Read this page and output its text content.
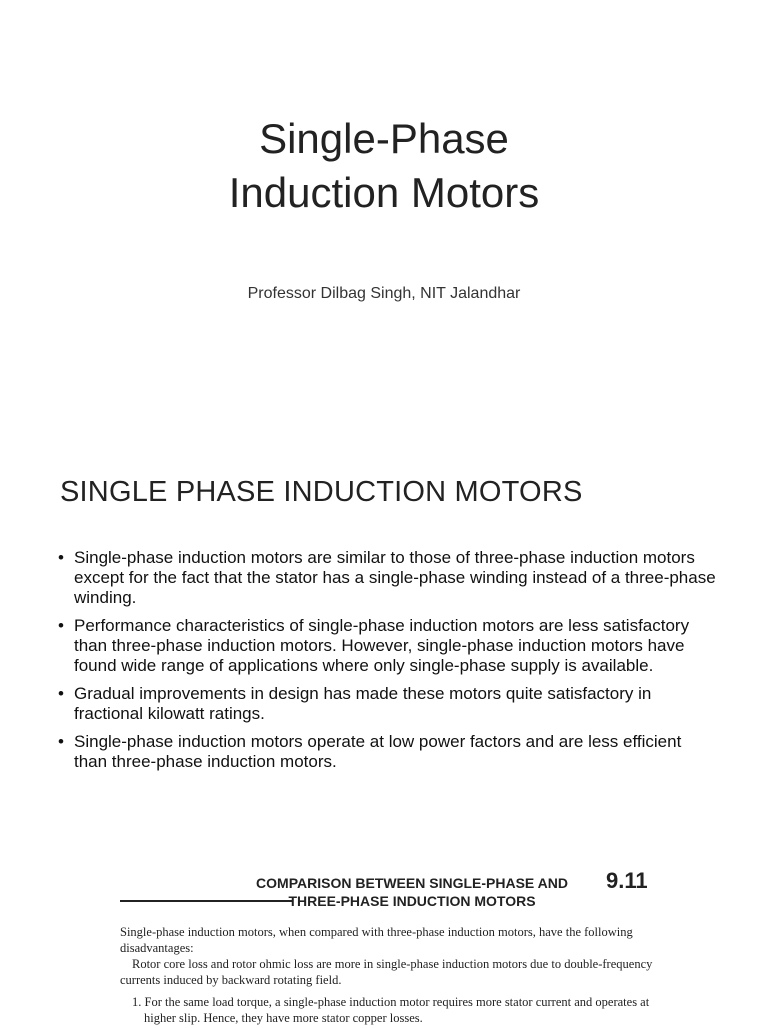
Single-Phase
Induction Motors
Professor Dilbag Singh, NIT Jalandhar
SINGLE PHASE INDUCTION MOTORS
• Single-phase induction motors are similar to those of three-phase induction motors except for the fact that the stator has a single-phase winding instead of a three-phase winding.
• Performance characteristics of single-phase induction motors are less satisfactory than three-phase induction motors. However, single-phase induction motors have found wide range of applications where only single-phase supply is available.
• Gradual improvements in design has made these motors quite satisfactory in fractional kilowatt ratings.
• Single-phase induction motors operate at low power factors and are less efficient than three-phase induction motors.
COMPARISON BETWEEN SINGLE-PHASE AND
THREE-PHASE INDUCTION MOTORS
9.11

Single-phase induction motors, when compared with three-phase induction motors, have the following disadvantages:

Rotor core loss and rotor ohmic loss are more in single-phase induction motors due to double-frequency currents induced by backward rotating field.

1. For the same load torque, a single-phase induction motor requires more stator current and operates at higher slip. Hence, they have more stator copper losses.
